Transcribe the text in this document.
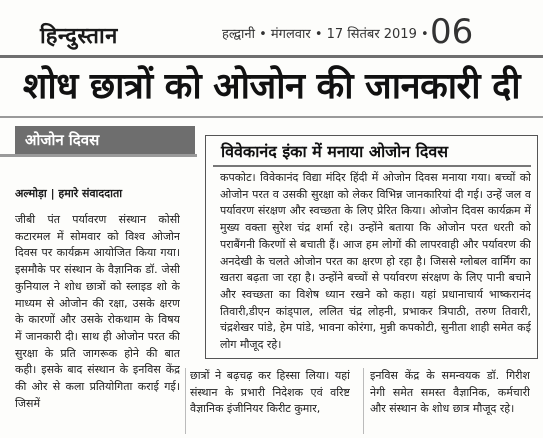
हिन्दुस्तान	हल्द्वानी • मंगलवार • 17 सितंबर 2019 • 06
शोध छात्रों को ओजोन की जानकारी दी
ओजोन दिवस
अल्मोड़ा | हमारे संवाददाता
जीबी पंत पर्यावरण संस्थान कोसी कटारमल में सोमवार को विश्व ओजोन दिवस पर कार्यक्रम आयोजित किया गया।इसमौके पर संस्थान के वैज्ञानिक डॉ. जेसी कुनियाल ने शोध छात्रों को स्लाइड शो के माध्यम से ओजोन की रक्षा, उसके क्षरण के कारणों और उसके रोकथाम के विषय में जानकारी दी। साथ ही ओजोन परत की सुरक्षा के प्रति जागरूक होने की बात कही। इसके बाद संस्थान के इनविस केंद्र की ओर से कला प्रतियोगिता कराई गई। जिसमें
विवेकानंद इंका में मनाया ओजोन दिवस
कपकोट। विवेकानंद विद्या मंदिर हिंदी में ओजोन दिवस मनाया गया। बच्चों को ओजोन परत व उसकी सुरक्षा को लेकर विभिन्न जानकारियां दी गई। उन्हें जल व पर्यावरण संरक्षण और स्वच्छता के लिए प्रेरित किया। ओजोन दिवस कार्यक्रम में मुख्य वक्ता सुरेश चंद्र शर्मा रहे। उन्होंने बताया कि ओजोन परत धरती को पराबैंगनी किरणों से बचाती हैं। आज हम लोगों की लापरवाही और पर्यावरण की अनदेखी के चलते ओजोन परत का क्षरण हो रहा है। जिससे ग्लोबल वार्मिंग का खतरा बढ़ता जा रहा है। उन्होंने बच्चों से पर्यावरण संरक्षण के लिए पानी बचाने और स्वच्छता का विशेष ध्यान रखने को कहा। यहां प्रधानाचार्य भाष्करानंद तिवारी,डीएन कांड्पाल, ललित चंद्र लोहनी, प्रभाकर त्रिपाठी, तरुण तिवारी, चंद्रशेखर पांडे, हेम पांडे, भावना कोरंगा, मुन्नी कपकोटी, सुनीता शाही समेत कई लोग मौजूद रहे।
छात्रों ने बढ़चढ़ कर हिस्सा लिया। यहां संस्थान के प्रभारी निदेशक एवं वरिष्ट वैज्ञानिक इंजीनियर किरीट कुमार,
इनविस केंद्र के समन्वयक डॉ. गिरीश नेगी समेत समस्त वैज्ञानिक, कर्मचारी और संस्थान के शोध छात्र मौजूद रहे।
